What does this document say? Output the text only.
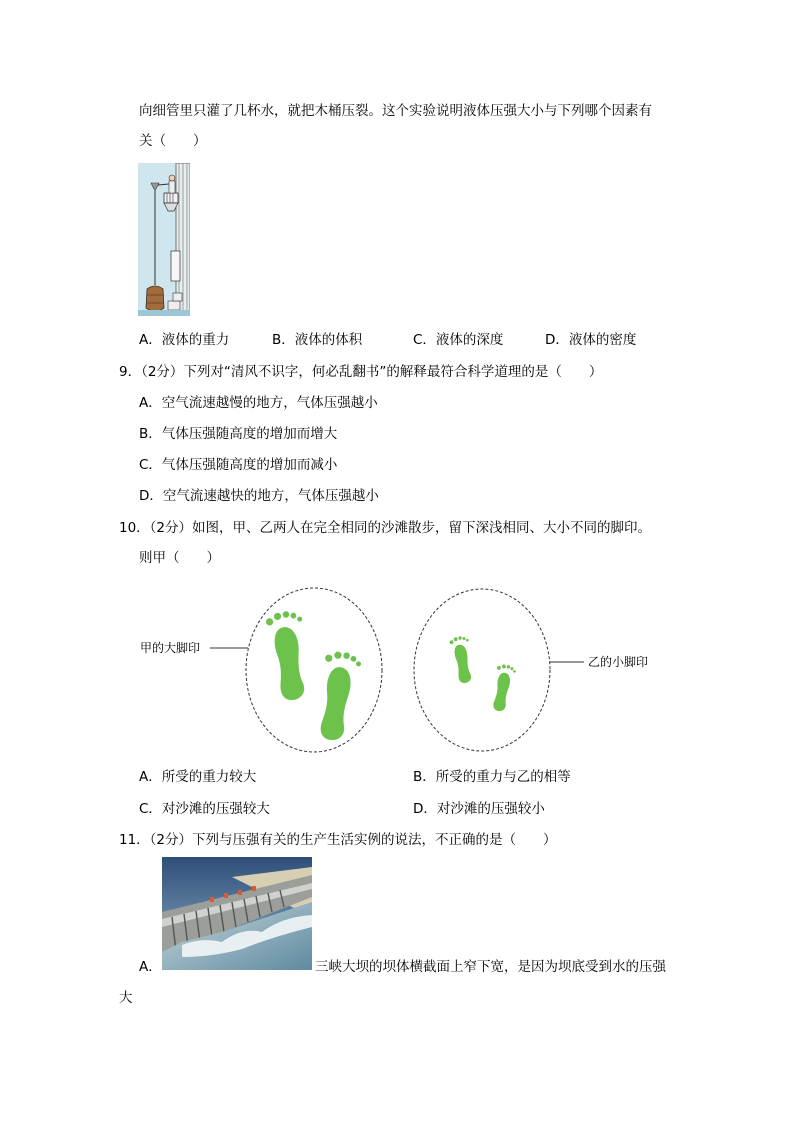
向细管里只灌了几杯水，就把木桶压裂。这个实验说明液体压强大小与下列哪个因素有
关（　　）
A．液体的重力	B．液体的体积	C．液体的深度	D．液体的密度
9．（2分）下列对“清风不识字，何必乱翻书”的解释最符合科学道理的是（　　）
A．空气流速越慢的地方，气体压强越小
B．气体压强随高度的增加而增大
C．气体压强随高度的增加而减小
D．空气流速越快的地方，气体压强越小
10．（2分）如图，甲、乙两人在完全相同的沙滩散步，留下深浅相同、大小不同的脚印。
则甲（　　）
甲的大脚印
乙的小脚印
A．所受的重力较大	B．所受的重力与乙的相等
C．对沙滩的压强较大	D．对沙滩的压强较小
11．（2分）下列与压强有关的生产生活实例的说法，不正确的是（　　）
A．	三峡大坝的坝体横截面上窄下宽，是因为坝底受到水的压强
大
